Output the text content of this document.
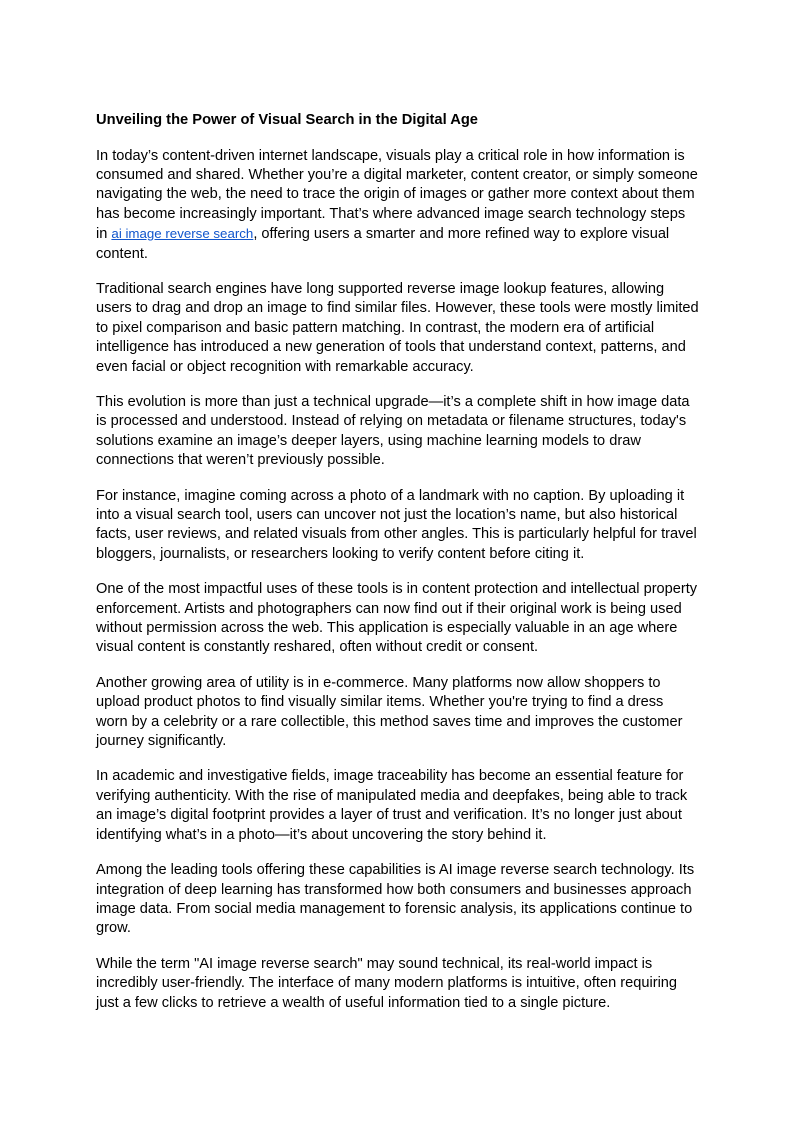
Unveiling the Power of Visual Search in the Digital Age

In today’s content-driven internet landscape, visuals play a critical role in how information is consumed and shared. Whether you’re a digital marketer, content creator, or simply someone navigating the web, the need to trace the origin of images or gather more context about them has become increasingly important. That’s where advanced image search technology steps in ai image reverse search, offering users a smarter and more refined way to explore visual content.

Traditional search engines have long supported reverse image lookup features, allowing users to drag and drop an image to find similar files. However, these tools were mostly limited to pixel comparison and basic pattern matching. In contrast, the modern era of artificial intelligence has introduced a new generation of tools that understand context, patterns, and even facial or object recognition with remarkable accuracy.

This evolution is more than just a technical upgrade—it’s a complete shift in how image data is processed and understood. Instead of relying on metadata or filename structures, today's solutions examine an image’s deeper layers, using machine learning models to draw connections that weren’t previously possible.

For instance, imagine coming across a photo of a landmark with no caption. By uploading it into a visual search tool, users can uncover not just the location’s name, but also historical facts, user reviews, and related visuals from other angles. This is particularly helpful for travel bloggers, journalists, or researchers looking to verify content before citing it.

One of the most impactful uses of these tools is in content protection and intellectual property enforcement. Artists and photographers can now find out if their original work is being used without permission across the web. This application is especially valuable in an age where visual content is constantly reshared, often without credit or consent.

Another growing area of utility is in e-commerce. Many platforms now allow shoppers to upload product photos to find visually similar items. Whether you're trying to find a dress worn by a celebrity or a rare collectible, this method saves time and improves the customer journey significantly.

In academic and investigative fields, image traceability has become an essential feature for verifying authenticity. With the rise of manipulated media and deepfakes, being able to track an image’s digital footprint provides a layer of trust and verification. It’s no longer just about identifying what’s in a photo—it’s about uncovering the story behind it.

Among the leading tools offering these capabilities is AI image reverse search technology. Its integration of deep learning has transformed how both consumers and businesses approach image data. From social media management to forensic analysis, its applications continue to grow.

While the term "AI image reverse search" may sound technical, its real-world impact is incredibly user-friendly. The interface of many modern platforms is intuitive, often requiring just a few clicks to retrieve a wealth of useful information tied to a single picture.
